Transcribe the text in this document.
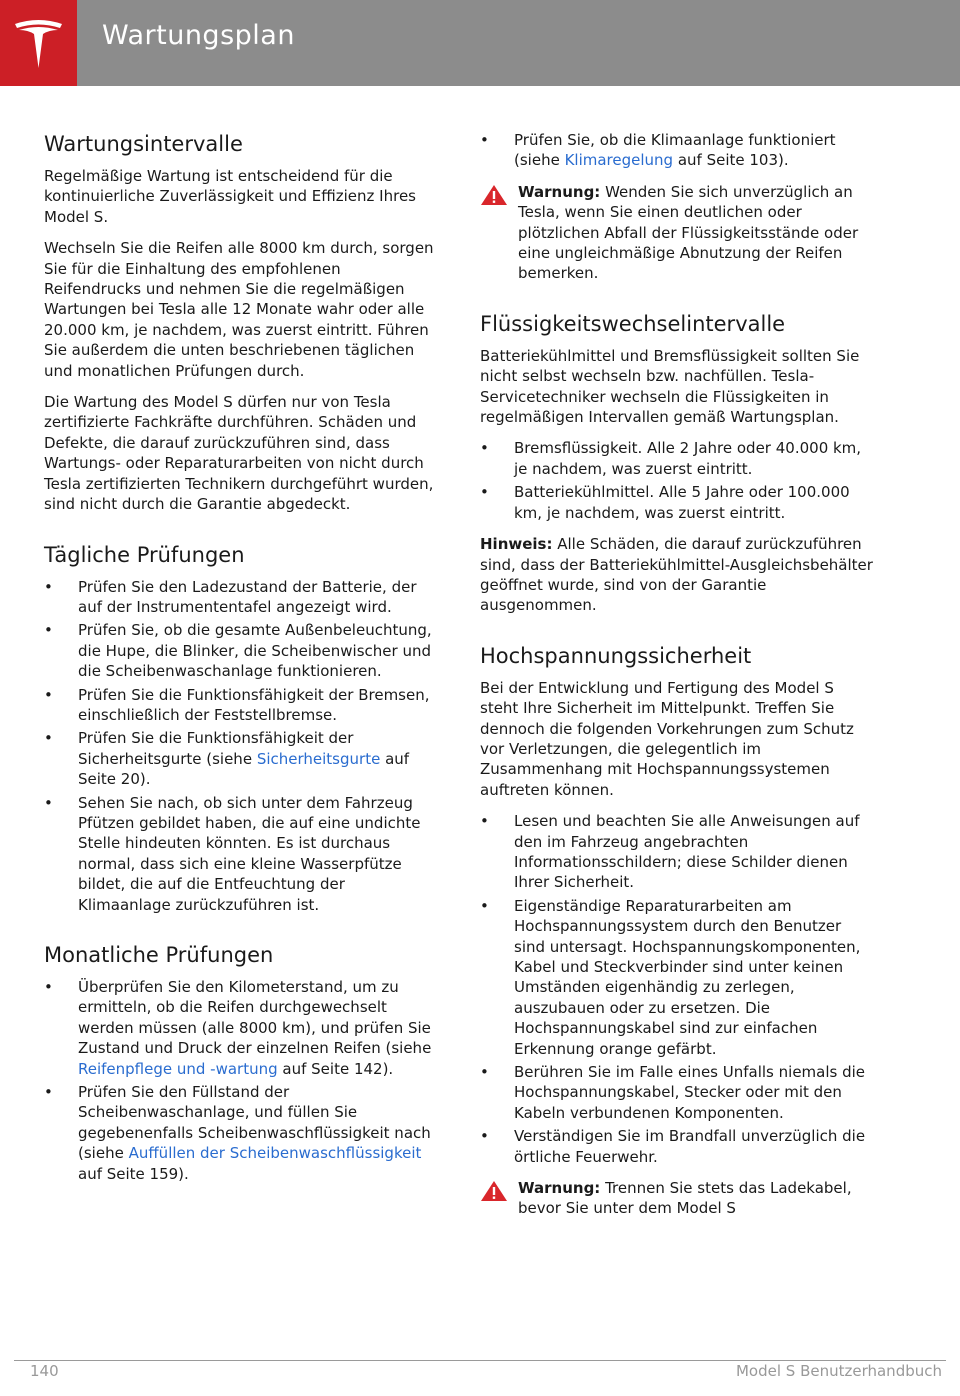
Wartungsplan
Wartungsintervalle

Regelmäßige Wartung ist entscheidend für die kontinuierliche Zuverlässigkeit und Effizienz Ihres Model S.

Wechseln Sie die Reifen alle 8000 km durch, sorgen Sie für die Einhaltung des empfohlenen Reifendrucks und nehmen Sie die regelmäßigen Wartungen bei Tesla alle 12 Monate wahr oder alle 20.000 km, je nachdem, was zuerst eintritt. Führen Sie außerdem die unten beschriebenen täglichen und monatlichen Prüfungen durch.

Die Wartung des Model S dürfen nur von Tesla zertifizierte Fachkräfte durchführen. Schäden und Defekte, die darauf zurückzuführen sind, dass Wartungs- oder Reparaturarbeiten von nicht durch Tesla zertifizierten Technikern durchgeführt wurden, sind nicht durch die Garantie abgedeckt.

Tägliche Prüfungen
•	Prüfen Sie den Ladezustand der Batterie, der auf der Instrumententafel angezeigt wird.
•	Prüfen Sie, ob die gesamte Außenbeleuchtung, die Hupe, die Blinker, die Scheibenwischer und die Scheibenwaschanlage funktionieren.
•	Prüfen Sie die Funktionsfähigkeit der Bremsen, einschließlich der Feststellbremse.
•	Prüfen Sie die Funktionsfähigkeit der Sicherheitsgurte (siehe Sicherheitsgurte auf Seite 20).
•	Sehen Sie nach, ob sich unter dem Fahrzeug Pfützen gebildet haben, die auf eine undichte Stelle hindeuten könnten. Es ist durchaus normal, dass sich eine kleine Wasserpfütze bildet, die auf die Entfeuchtung der Klimaanlage zurückzuführen ist.
Monatliche Prüfungen
•	Überprüfen Sie den Kilometerstand, um zu ermitteln, ob die Reifen durchgewechselt werden müssen (alle 8000 km), und prüfen Sie Zustand und Druck der einzelnen Reifen (siehe Reifenpflege und -wartung auf Seite 142).
•	Prüfen Sie den Füllstand der Scheibenwaschanlage, und füllen Sie gegebenenfalls Scheibenwaschflüssigkeit nach (siehe Auffüllen der Scheibenwaschflüssigkeit auf Seite 159).
•	Prüfen Sie, ob die Klimaanlage funktioniert (siehe Klimaregelung auf Seite 103).
Warnung: Wenden Sie sich unverzüglich an Tesla, wenn Sie einen deutlichen oder plötzlichen Abfall der Flüssigkeitsstände oder eine ungleichmäßige Abnutzung der Reifen bemerken.
Flüssigkeitswechselintervalle

Batteriekühlmittel und Bremsflüssigkeit sollten Sie nicht selbst wechseln bzw. nachfüllen. Tesla-Servicetechniker wechseln die Flüssigkeiten in regelmäßigen Intervallen gemäß Wartungsplan.

•	Bremsflüssigkeit. Alle 2 Jahre oder 40.000 km, je nachdem, was zuerst eintritt.
•	Batteriekühlmittel. Alle 5 Jahre oder 100.000 km, je nachdem, was zuerst eintritt.

Hinweis: Alle Schäden, die darauf zurückzuführen sind, dass der Batteriekühlmittel-Ausgleichsbehälter geöffnet wurde, sind von der Garantie ausgenommen.

Hochspannungssicherheit

Bei der Entwicklung und Fertigung des Model S steht Ihre Sicherheit im Mittelpunkt. Treffen Sie dennoch die folgenden Vorkehrungen zum Schutz vor Verletzungen, die gelegentlich im Zusammenhang mit Hochspannungssystemen auftreten können.

•	Lesen und beachten Sie alle Anweisungen auf den im Fahrzeug angebrachten Informationsschildern; diese Schilder dienen Ihrer Sicherheit.
•	Eigenständige Reparaturarbeiten am Hochspannungssystem durch den Benutzer sind untersagt. Hochspannungskomponenten, Kabel und Steckverbinder sind unter keinen Umständen eigenhändig zu zerlegen, auszubauen oder zu ersetzen. Die Hochspannungskabel sind zur einfachen Erkennung orange gefärbt.
•	Berühren Sie im Falle eines Unfalls niemals die Hochspannungskabel, Stecker oder mit den Kabeln verbundenen Komponenten.
•	Verständigen Sie im Brandfall unverzüglich die örtliche Feuerwehr.
Warnung: Trennen Sie stets das Ladekabel, bevor Sie unter dem Model S
140	Model S Benutzerhandbuch
